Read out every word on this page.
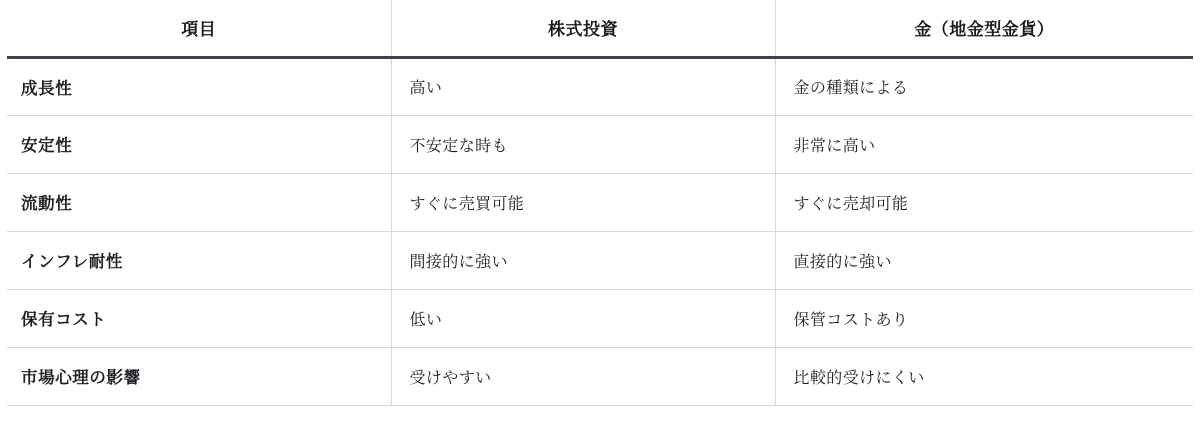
項目	株式投資	金（地金型金貨）
成長性	高い	金の種類による
安定性	不安定な時も	非常に高い
流動性	すぐに売買可能	すぐに売却可能
インフレ耐性	間接的に強い	直接的に強い
保有コスト	低い	保管コストあり
市場心理の影響	受けやすい	比較的受けにくい
